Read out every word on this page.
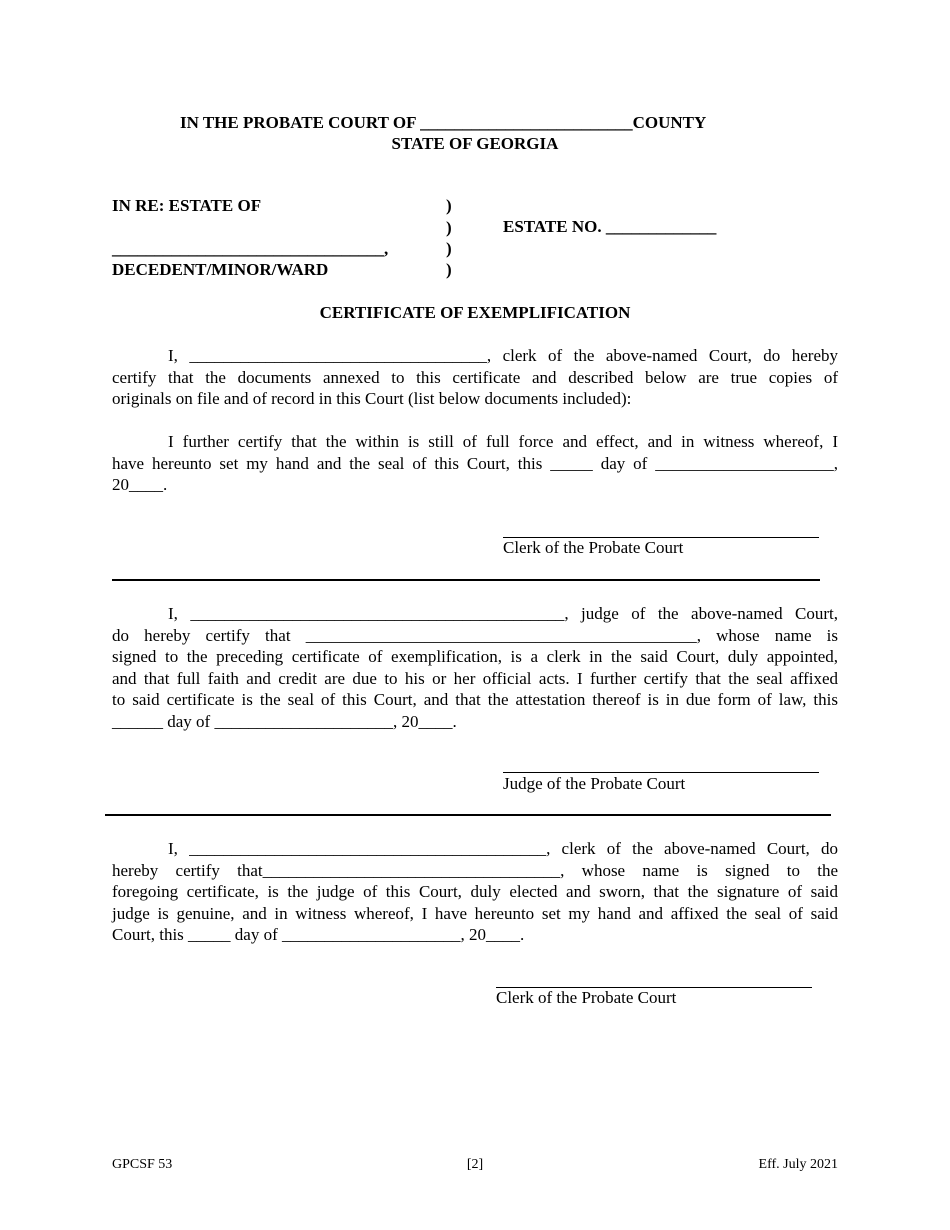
IN THE PROBATE COURT OF _________________________COUNTY
STATE OF GEORGIA
IN RE: ESTATE OF
________________________________,
DECEDENT/MINOR/WARD
)
)
)
)
ESTATE NO. _____________
CERTIFICATE OF EXEMPLIFICATION
I, ___________________________________, clerk of the above-named Court, do hereby
certify that the documents annexed to this certificate and described below are true copies of
originals on file and of record in this Court (list below documents included):
I further certify that the within is still of full force and effect, and in witness whereof, I
have hereunto set my hand and the seal of this Court, this _____ day of _____________________,
20____.
Clerk of the Probate Court
I, ____________________________________________, judge of the above-named Court,
do hereby certify that ______________________________________________, whose name is
signed to the preceding certificate of exemplification, is a clerk in the said Court, duly appointed,
and that full faith and credit are due to his or her official acts. I further certify that the seal affixed
to said certificate is the seal of this Court, and that the attestation thereof is in due form of law, this
______ day of _____________________, 20____.
Judge of the Probate Court
I, __________________________________________, clerk of the above-named Court, do
hereby certify that___________________________________, whose name is signed to the
foregoing certificate, is the judge of this Court, duly elected and sworn, that the signature of said
judge is genuine, and in witness whereof, I have hereunto set my hand and affixed the seal of said
Court, this _____ day of _____________________, 20____.
Clerk of the Probate Court
GPCSF 53	[2]	Eff. July 2021
